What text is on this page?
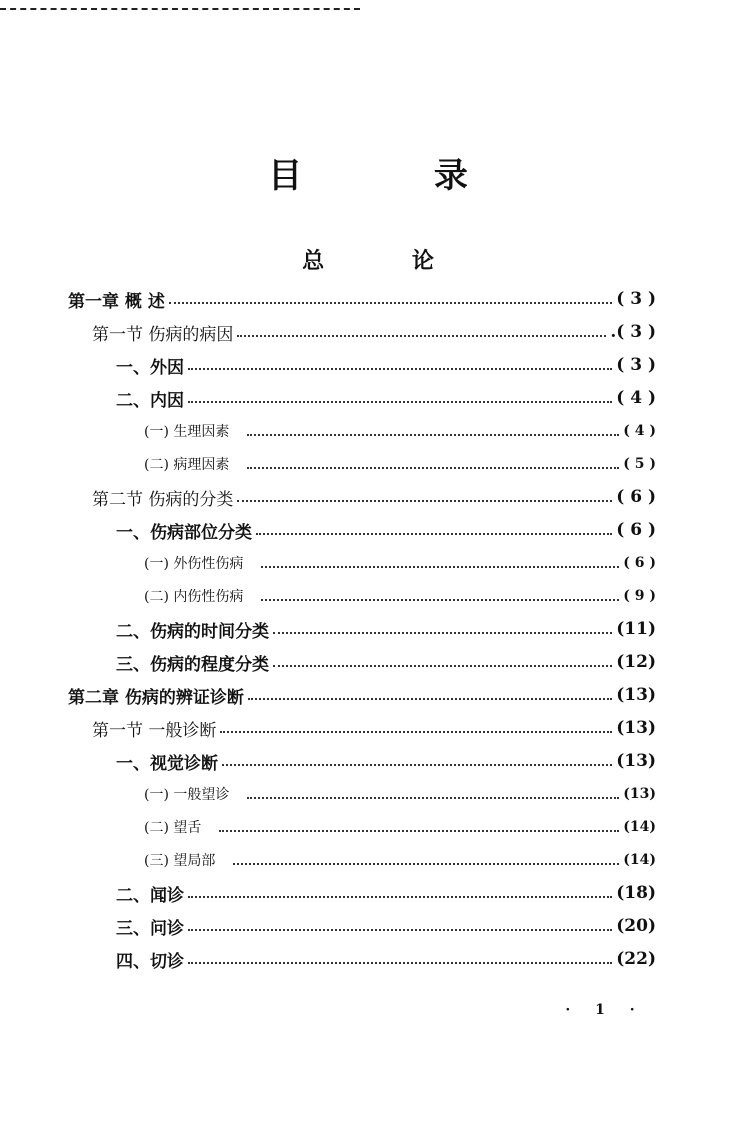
目 录
总 论
第一章 概 述	( 3 )
第一节 伤病的病因	.( 3 )
一、外因	( 3 )
二、内因	( 4 )
(一) 生理因素	( 4 )
(二) 病理因素	( 5 )
第二节 伤病的分类	( 6 )
一、伤病部位分类	( 6 )
(一) 外伤性伤病	( 6 )
(二) 内伤性伤病	( 9 )
二、伤病的时间分类	(11)
三、伤病的程度分类	(12)
第二章 伤病的辨证诊断	(13)
第一节 一般诊断	(13)
一、视觉诊断	(13)
(一) 一般望诊	(13)
(二) 望舌	(14)
(三) 望局部	(14)
二、闻诊	(18)
三、问诊	(20)
四、切诊	(22)
· 1 ·
